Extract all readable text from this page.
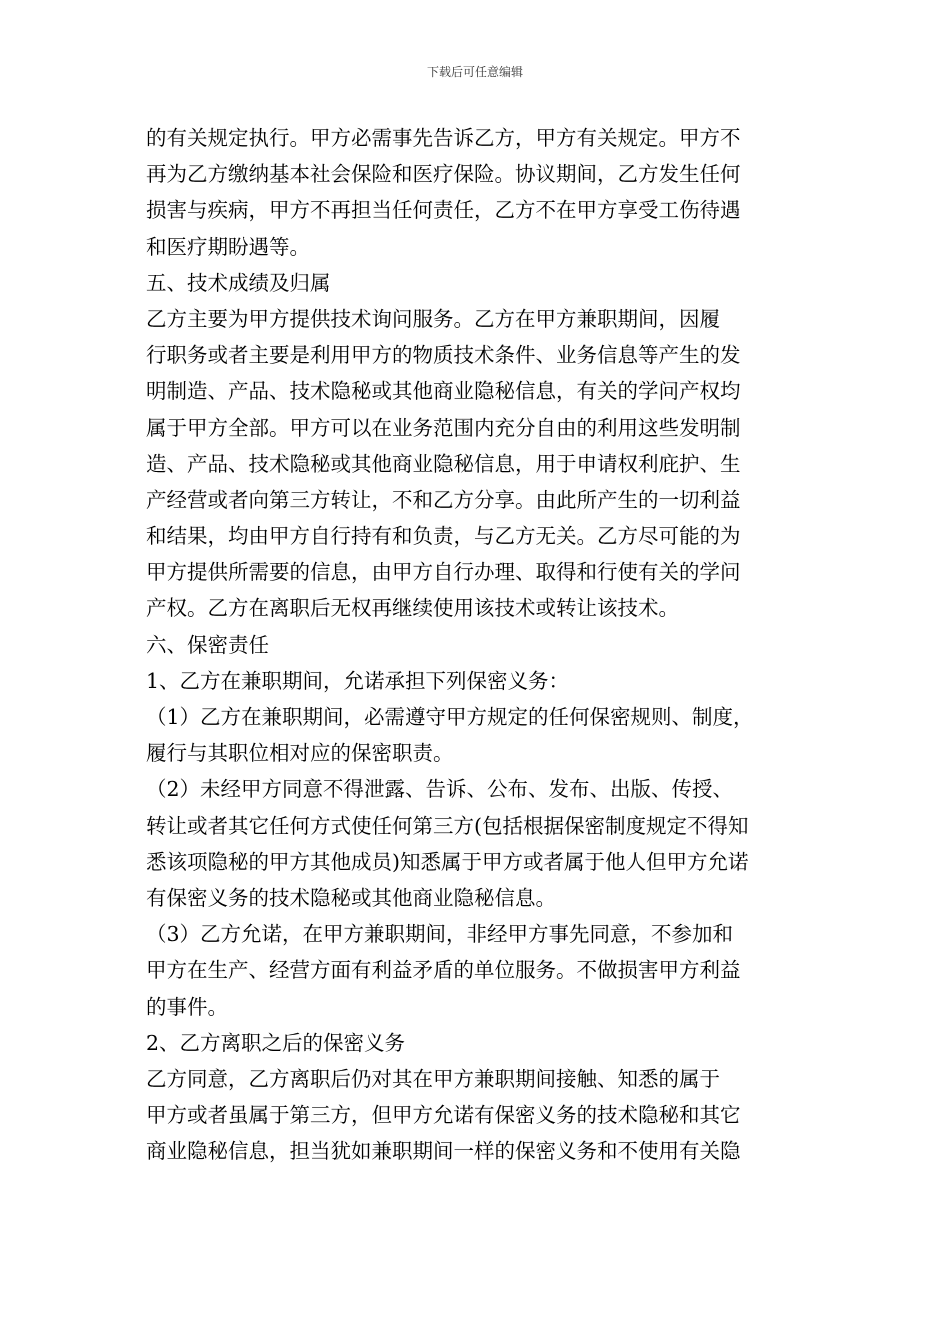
下载后可任意编辑
的有关规定执行。甲方必需事先告诉乙方，甲方有关规定。甲方不
再为乙方缴纳基本社会保险和医疗保险。协议期间，乙方发生任何
损害与疾病，甲方不再担当任何责任，乙方不在甲方享受工伤待遇
和医疗期盼遇等。
五、技术成绩及归属
乙方主要为甲方提供技术询问服务。乙方在甲方兼职期间，因履
行职务或者主要是利用甲方的物质技术条件、业务信息等产生的发
明制造、产品、技术隐秘或其他商业隐秘信息，有关的学问产权均
属于甲方全部。甲方可以在业务范围内充分自由的利用这些发明制
造、产品、技术隐秘或其他商业隐秘信息，用于申请权利庇护、生
产经营或者向第三方转让，不和乙方分享。由此所产生的一切利益
和结果，均由甲方自行持有和负责，与乙方无关。乙方尽可能的为
甲方提供所需要的信息，由甲方自行办理、取得和行使有关的学问
产权。乙方在离职后无权再继续使用该技术或转让该技术。
六、保密责任
1、乙方在兼职期间，允诺承担下列保密义务：
（1）乙方在兼职期间，必需遵守甲方规定的任何保密规则、制度，
履行与其职位相对应的保密职责。
（2）未经甲方同意不得泄露、告诉、公布、发布、出版、传授、
转让或者其它任何方式使任何第三方(包括根据保密制度规定不得知
悉该项隐秘的甲方其他成员)知悉属于甲方或者属于他人但甲方允诺
有保密义务的技术隐秘或其他商业隐秘信息。
（3）乙方允诺，在甲方兼职期间，非经甲方事先同意，不参加和
甲方在生产、经营方面有利益矛盾的单位服务。不做损害甲方利益
的事件。
2、乙方离职之后的保密义务
乙方同意，乙方离职后仍对其在甲方兼职期间接触、知悉的属于
甲方或者虽属于第三方，但甲方允诺有保密义务的技术隐秘和其它
商业隐秘信息，担当犹如兼职期间一样的保密义务和不使用有关隐
